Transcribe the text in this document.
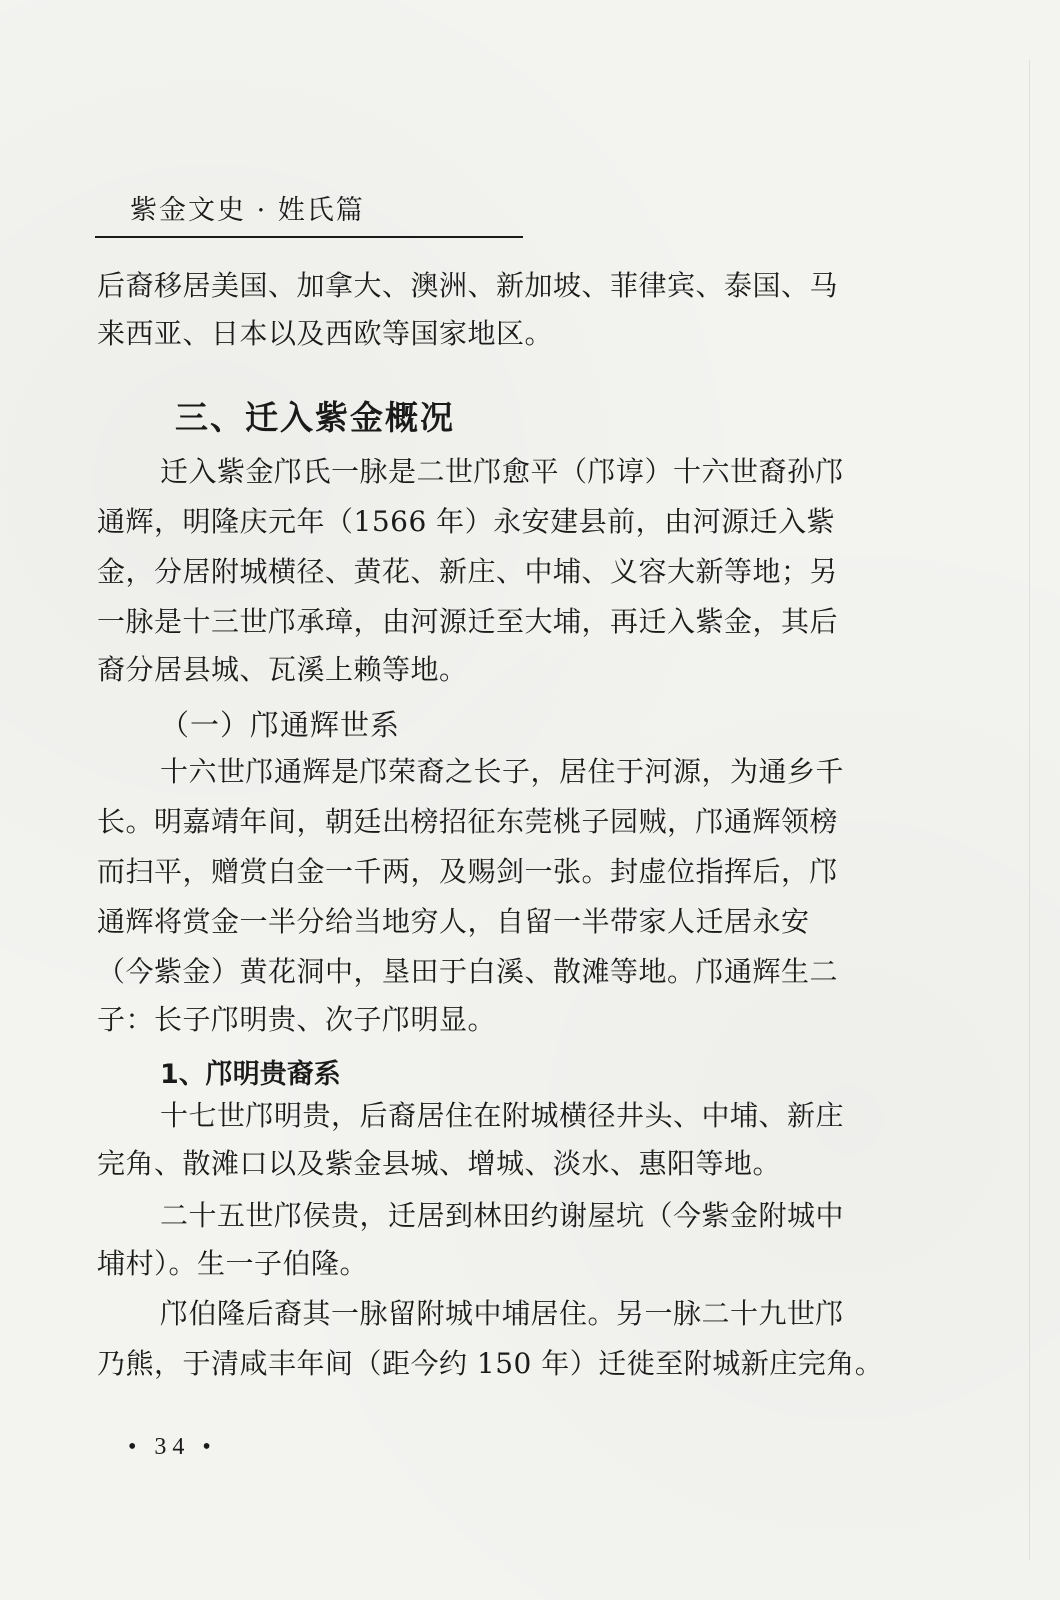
紫金文史 · 姓氏篇
后裔移居美国、加拿大、澳洲、新加坡、菲律宾、泰国、马
来西亚、日本以及西欧等国家地区。
三、迁入紫金概况
迁入紫金邝氏一脉是二世邝愈平（邝谆）十六世裔孙邝
通辉，明隆庆元年（1566 年）永安建县前，由河源迁入紫
金，分居附城横径、黄花、新庄、中埔、义容大新等地；另
一脉是十三世邝承璋，由河源迁至大埔，再迁入紫金，其后
裔分居县城、瓦溪上赖等地。
（一）邝通辉世系
十六世邝通辉是邝荣裔之长子，居住于河源，为通乡千
长。明嘉靖年间，朝廷出榜招征东莞桃子园贼，邝通辉领榜
而扫平，赠赏白金一千两，及赐剑一张。封虚位指挥后，邝
通辉将赏金一半分给当地穷人，自留一半带家人迁居永安
（今紫金）黄花洞中，垦田于白溪、散滩等地。邝通辉生二
子：长子邝明贵、次子邝明显。
1、邝明贵裔系
十七世邝明贵，后裔居住在附城横径井头、中埔、新庄
完角、散滩口以及紫金县城、增城、淡水、惠阳等地。
二十五世邝侯贵，迁居到林田约谢屋坑（今紫金附城中
埔村）。生一子伯隆。
邝伯隆后裔其一脉留附城中埔居住。另一脉二十九世邝
乃熊，于清咸丰年间（距今约 150 年）迁徙至附城新庄完角。
• 34 •
